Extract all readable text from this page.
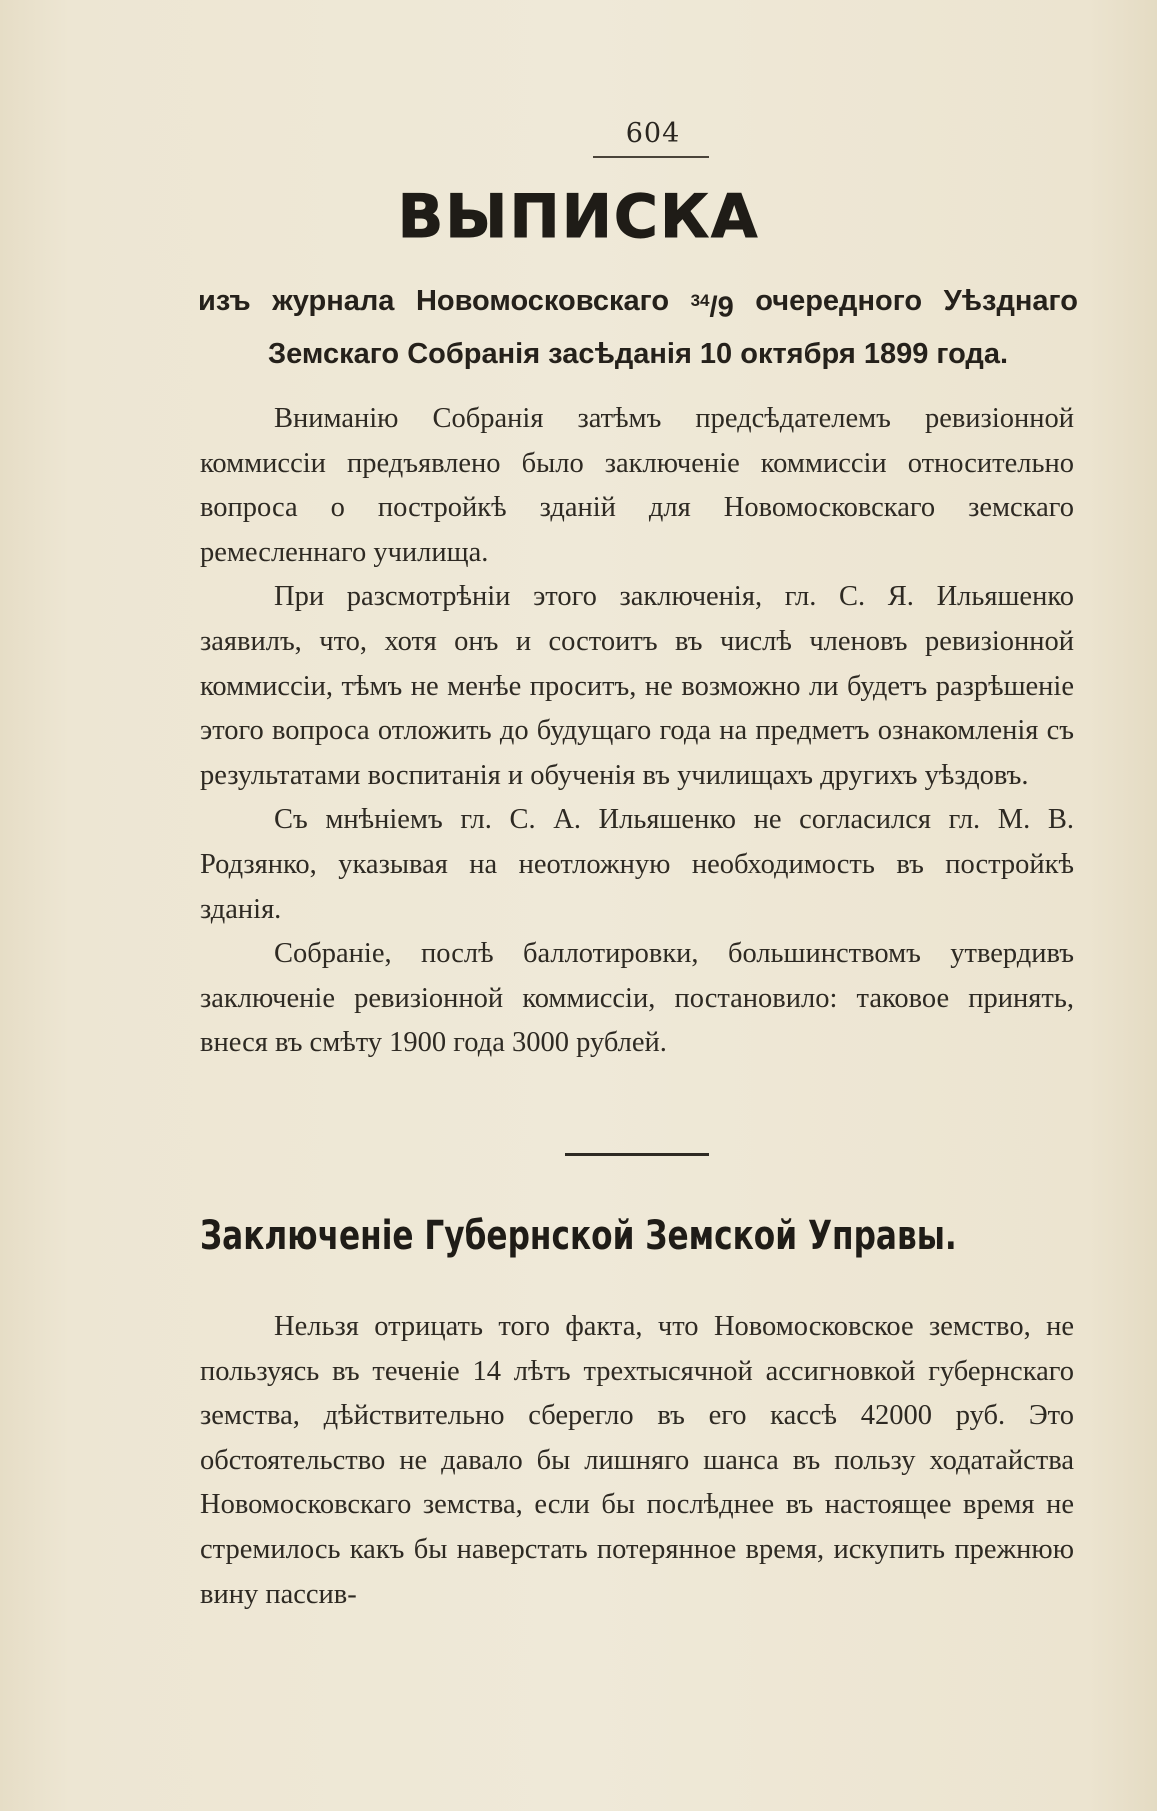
604
ВЫПИСКА
изъ журнала Новомосковскаго $^{34}$/9 очередного Уѣзднаго
Земскаго Собранія засѣданія 10 октября 1899 года.

Вниманію Собранія затѣмъ предсѣдателемъ ревизіонной коммиссіи предъявлено было заключеніе коммиссіи относительно вопроса о постройкѣ зданій для Новомосковскаго земскаго ремесленнаго училища.

При разсмотрѣніи этого заключенія, гл. С. Я. Ильяшенко заявилъ, что, хотя онъ и состоитъ въ числѣ членовъ ревизіонной коммиссіи, тѣмъ не менѣе проситъ, не возможно ли будетъ разрѣшеніе этого вопроса отложить до будущаго года на предметъ ознакомленія съ результатами воспитанія и обученія въ училищахъ другихъ уѣздовъ.

Съ мнѣніемъ гл. С. А. Ильяшенко не согласился гл. М. В. Родзянко, указывая на неотложную необходимость въ постройкѣ зданія.

Собраніе, послѣ баллотировки, большинствомъ утвердивъ заключеніе ревизіонной коммиссіи, постановило: таковое принять, внеся въ смѣту 1900 года 3000 рублей.

Заключеніе Губернской Земской Управы.

Нельзя отрицать того факта, что Новомосковское земство, не пользуясь въ теченіе 14 лѣтъ трехтысячной ассигновкой губернскаго земства, дѣйствительно сберегло въ его кассѣ 42000 руб. Это обстоятельство не давало бы лишняго шанса въ пользу ходатайства Новомосковскаго земства, если бы послѣднее въ настоящее время не стремилось какъ бы наверстать потерянное время, искупить прежнюю вину пассив-
